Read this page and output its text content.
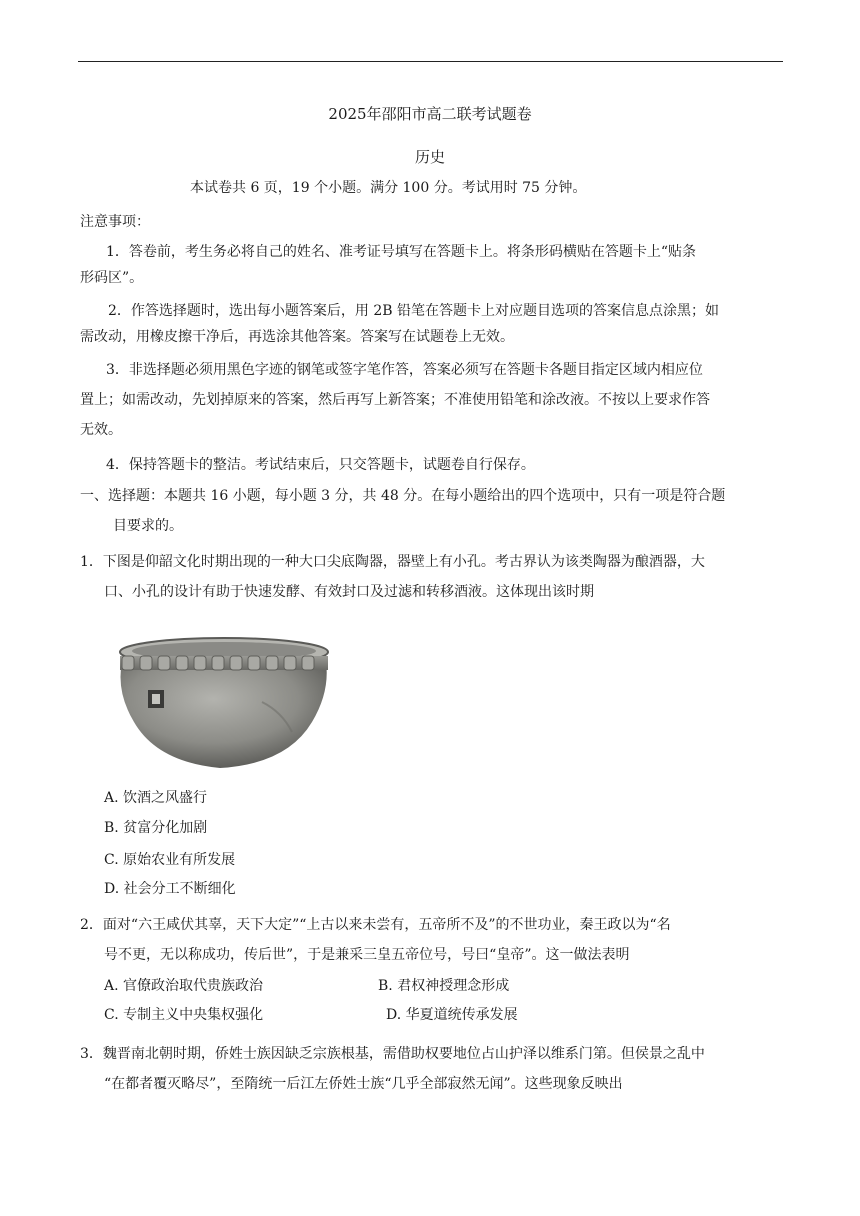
2025年邵阳市高二联考试题卷
历史
本试卷共 6 页，19 个小题。满分 100 分。考试用时 75 分钟。
注意事项：
1．答卷前，考生务必将自己的姓名、准考证号填写在答题卡上。将条形码横贴在答题卡上“贴条
形码区”。
2．作答选择题时，选出每小题答案后，用 2B 铅笔在答题卡上对应题目选项的答案信息点涂黑；如
需改动，用橡皮擦干净后，再选涂其他答案。答案写在试题卷上无效。
3．非选择题必须用黑色字迹的钢笔或签字笔作答，答案必须写在答题卡各题目指定区域内相应位
置上；如需改动，先划掉原来的答案，然后再写上新答案；不准使用铅笔和涂改液。不按以上要求作答
无效。
4．保持答题卡的整洁。考试结束后，只交答题卡，试题卷自行保存。
一、选择题：本题共 16 小题，每小题 3 分，共 48 分。在每小题给出的四个选项中，只有一项是符合题
目要求的。
1．下图是仰韶文化时期出现的一种大口尖底陶器，器壁上有小孔。考古界认为该类陶器为酿酒器，大
口、小孔的设计有助于快速发酵、有效封口及过滤和转移酒液。这体现出该时期
A. 饮酒之风盛行
B. 贫富分化加剧
C. 原始农业有所发展
D. 社会分工不断细化
2．面对“六王咸伏其辜，天下大定”“上古以来未尝有，五帝所不及”的不世功业，秦王政以为“名
号不更，无以称成功，传后世”，于是兼采三皇五帝位号，号曰“皇帝”。这一做法表明
A. 官僚政治取代贵族政治	B. 君权神授理念形成
C. 专制主义中央集权强化	D. 华夏道统传承发展
3．魏晋南北朝时期，侨姓士族因缺乏宗族根基，需借助权要地位占山护泽以维系门第。但侯景之乱中
“在都者覆灭略尽”，至隋统一后江左侨姓士族“几乎全部寂然无闻”。这些现象反映出
